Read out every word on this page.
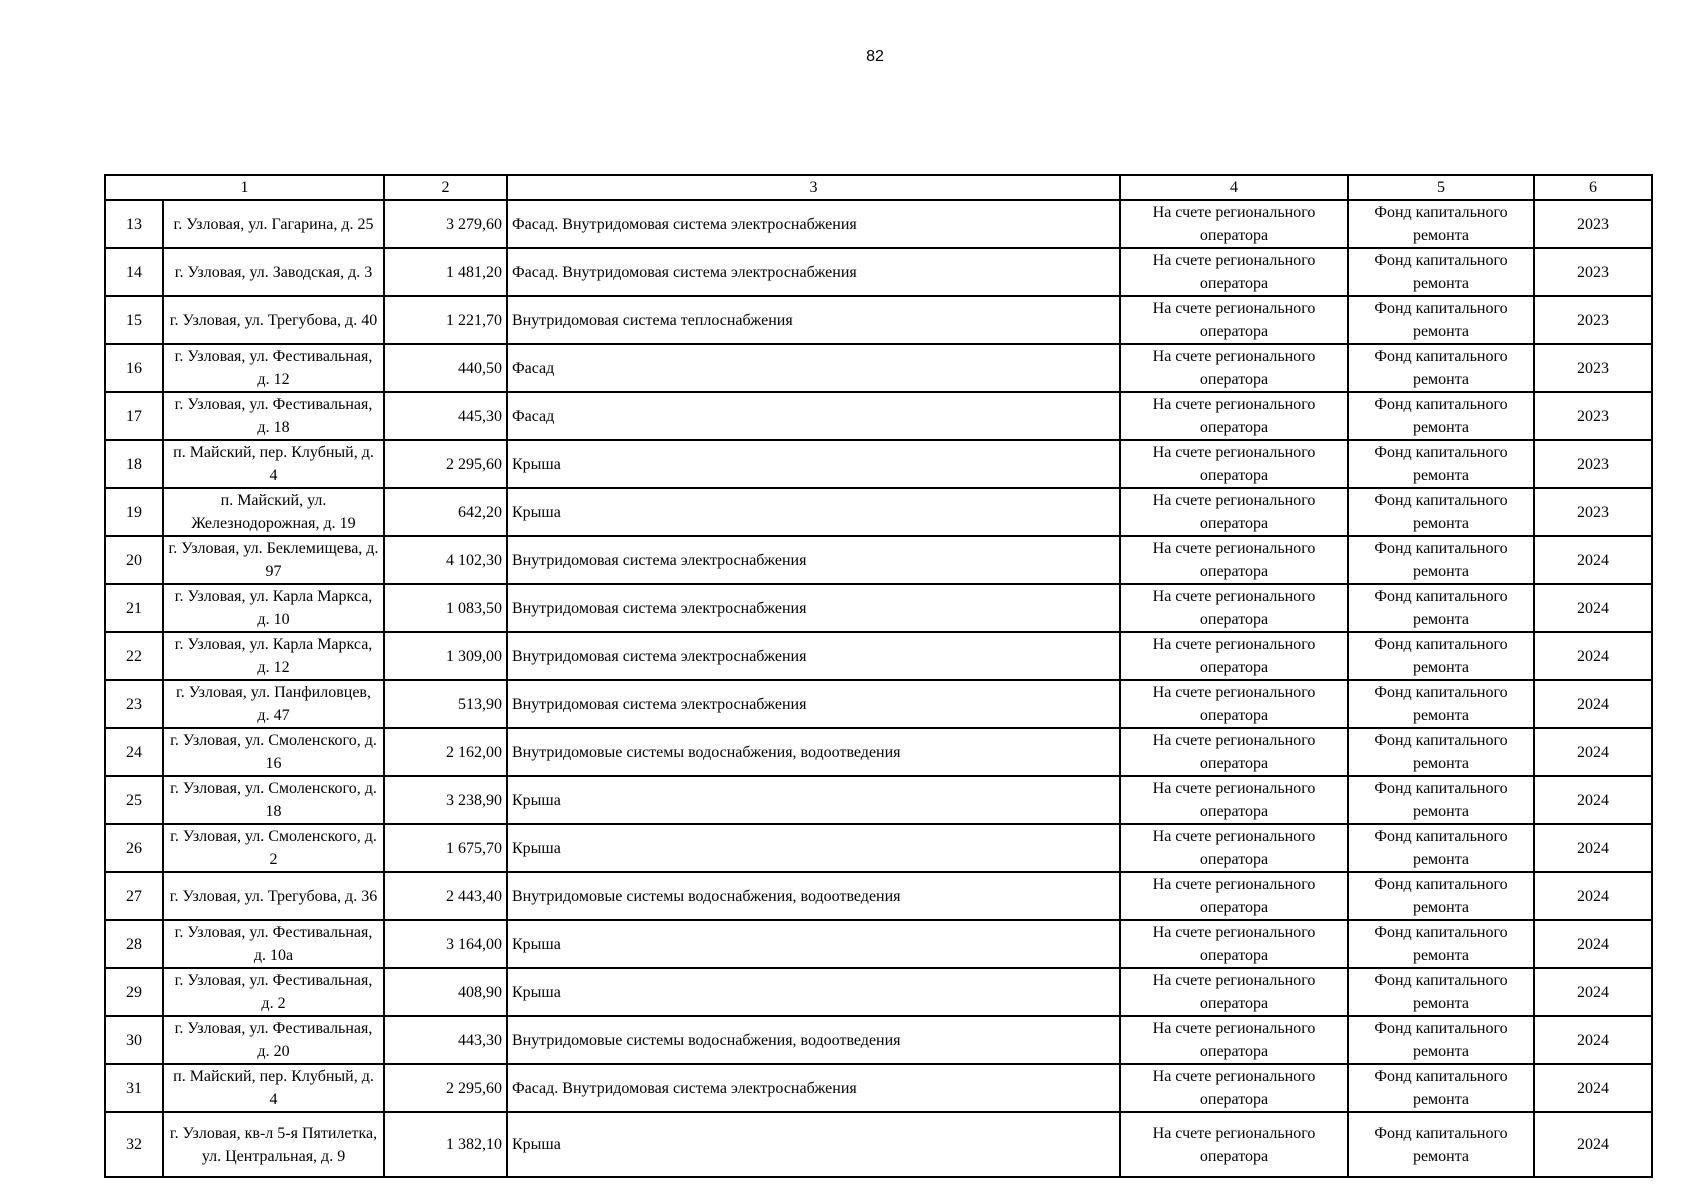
82
1		2	3	4	5	6
13	г. Узловая, ул. Гагарина, д. 25	3 279,60	Фасад. Внутридомовая система электроснабжения	На счете регионального оператора	Фонд капитального ремонта	2023
14	г. Узловая, ул. Заводская, д. 3	1 481,20	Фасад. Внутридомовая система электроснабжения	На счете регионального оператора	Фонд капитального ремонта	2023
15	г. Узловая, ул. Трегубова, д. 40	1 221,70	Внутридомовая система теплоснабжения	На счете регионального оператора	Фонд капитального ремонта	2023
16	г. Узловая, ул. Фестивальная, д. 12	440,50	Фасад	На счете регионального оператора	Фонд капитального ремонта	2023
17	г. Узловая, ул. Фестивальная, д. 18	445,30	Фасад	На счете регионального оператора	Фонд капитального ремонта	2023
18	п. Майский, пер. Клубный, д. 4	2 295,60	Крыша	На счете регионального оператора	Фонд капитального ремонта	2023
19	п. Майский, ул. Железнодорожная, д. 19	642,20	Крыша	На счете регионального оператора	Фонд капитального ремонта	2023
20	г. Узловая, ул. Беклемищева, д. 97	4 102,30	Внутридомовая система электроснабжения	На счете регионального оператора	Фонд капитального ремонта	2024
21	г. Узловая, ул. Карла Маркса, д. 10	1 083,50	Внутридомовая система электроснабжения	На счете регионального оператора	Фонд капитального ремонта	2024
22	г. Узловая, ул. Карла Маркса, д. 12	1 309,00	Внутридомовая система электроснабжения	На счете регионального оператора	Фонд капитального ремонта	2024
23	г. Узловая, ул. Панфиловцев, д. 47	513,90	Внутридомовая система электроснабжения	На счете регионального оператора	Фонд капитального ремонта	2024
24	г. Узловая, ул. Смоленского, д. 16	2 162,00	Внутридомовые системы водоснабжения, водоотведения	На счете регионального оператора	Фонд капитального ремонта	2024
25	г. Узловая, ул. Смоленского, д. 18	3 238,90	Крыша	На счете регионального оператора	Фонд капитального ремонта	2024
26	г. Узловая, ул. Смоленского, д. 2	1 675,70	Крыша	На счете регионального оператора	Фонд капитального ремонта	2024
27	г. Узловая, ул. Трегубова, д. 36	2 443,40	Внутридомовые системы водоснабжения, водоотведения	На счете регионального оператора	Фонд капитального ремонта	2024
28	г. Узловая, ул. Фестивальная, д. 10а	3 164,00	Крыша	На счете регионального оператора	Фонд капитального ремонта	2024
29	г. Узловая, ул. Фестивальная, д. 2	408,90	Крыша	На счете регионального оператора	Фонд капитального ремонта	2024
30	г. Узловая, ул. Фестивальная, д. 20	443,30	Внутридомовые системы водоснабжения, водоотведения	На счете регионального оператора	Фонд капитального ремонта	2024
31	п. Майский, пер. Клубный, д. 4	2 295,60	Фасад. Внутридомовая система электроснабжения	На счете регионального оператора	Фонд капитального ремонта	2024
32	г. Узловая, кв-л 5-я Пятилетка, ул. Центральная, д. 9	1 382,10	Крыша	На счете регионального оператора	Фонд капитального ремонта	2024
